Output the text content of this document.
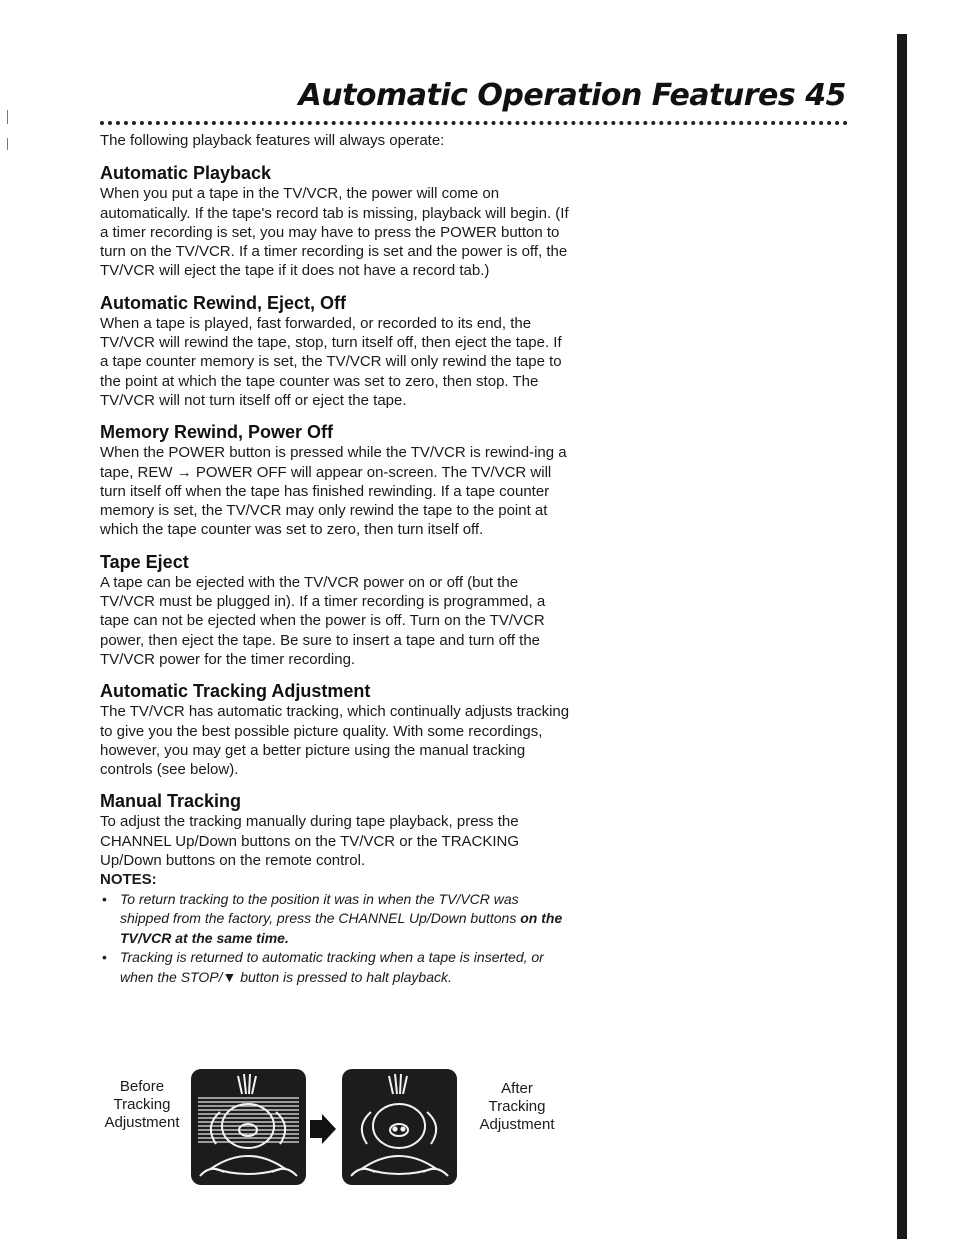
Automatic Operation Features 45

The following playback features will always operate:

Automatic Playback

When you put a tape in the TV/VCR, the power will come on automatically. If the tape's record tab is missing, playback will begin. (If a timer recording is set, you may have to press the POWER button to turn on the TV/VCR. If a timer recording is set and the power is off, the TV/VCR will eject the tape if it does not have a record tab.)

Automatic Rewind, Eject, Off

When a tape is played, fast forwarded, or recorded to its end, the TV/VCR will rewind the tape, stop, turn itself off, then eject the tape. If a tape counter memory is set, the TV/VCR will only rewind the tape to the point at which the tape counter was set to zero, then stop. The TV/VCR will not turn itself off or eject the tape.

Memory Rewind, Power Off

When the POWER button is pressed while the TV/VCR is rewind-ing a tape, REW → POWER OFF will appear on-screen. The TV/VCR will turn itself off when the tape has finished rewinding. If a tape counter memory is set, the TV/VCR may only rewind the tape to the point at which the tape counter was set to zero, then turn itself off.

Tape Eject

A tape can be ejected with the TV/VCR power on or off (but the TV/VCR must be plugged in). If a timer recording is programmed, a tape can not be ejected when the power is off. Turn on the TV/VCR power, then eject the tape. Be sure to insert a tape and turn off the TV/VCR power for the timer recording.

Automatic Tracking Adjustment

The TV/VCR has automatic tracking, which continually adjusts tracking to give you the best possible picture quality. With some recordings, however, you may get a better picture using the manual tracking controls (see below).

Manual Tracking

To adjust the tracking manually during tape playback, press the CHANNEL Up/Down buttons on the TV/VCR or the TRACKING Up/Down buttons on the remote control.

NOTES:

• To return tracking to the position it was in when the TV/VCR was shipped from the factory, press the CHANNEL Up/Down buttons on the TV/VCR at the same time.
• Tracking is returned to automatic tracking when a tape is inserted, or when the STOP/▼ button is pressed to halt playback.
Before
Tracking
Adjustment
After
Tracking
Adjustment
